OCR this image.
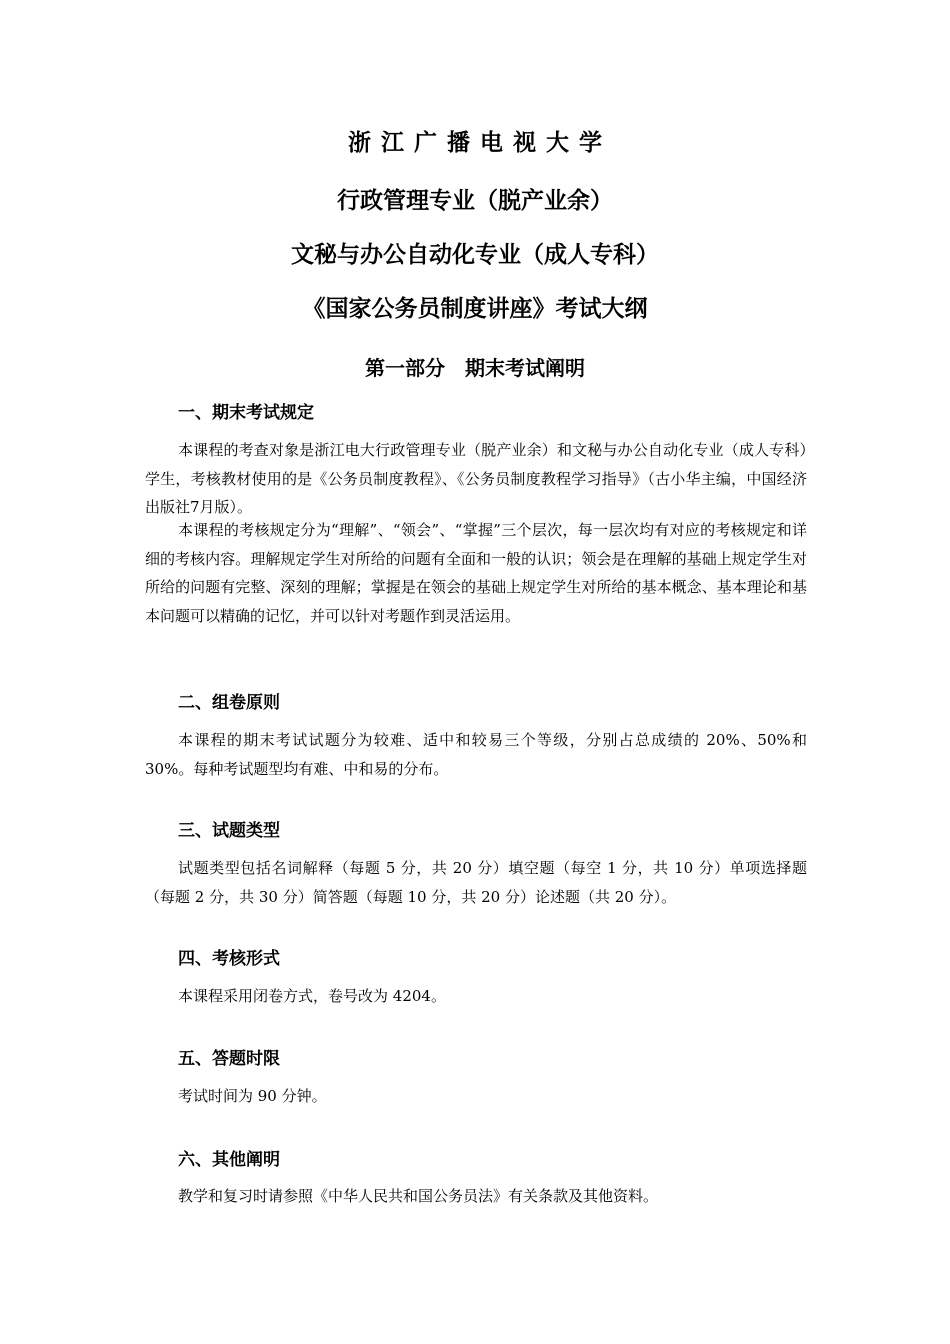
浙 江 广 播 电 视 大 学
行政管理专业（脱产业余）
文秘与办公自动化专业（成人专科）
《国家公务员制度讲座》考试大纲
第一部分　期末考试阐明
一、期末考试规定

本课程的考查对象是浙江电大行政管理专业（脱产业余）和文秘与办公自动化专业（成人专科）学生，考核教材使用的是《公务员制度教程》、《公务员制度教程学习指导》（古小华主编，中国经济出版社7月版）。

本课程的考核规定分为“理解”、“领会”、“掌握”三个层次，每一层次均有对应的考核规定和详细的考核内容。理解规定学生对所给的问题有全面和一般的认识；领会是在理解的基础上规定学生对所给的问题有完整、深刻的理解；掌握是在领会的基础上规定学生对所给的基本概念、基本理论和基本问题可以精确的记忆，并可以针对考题作到灵活运用。

二、组卷原则

本课程的期末考试试题分为较难、适中和较易三个等级，分别占总成绩的 20%、50%和 30%。每种考试题型均有难、中和易的分布。

三、试题类型

试题类型包括名词解释（每题 5 分，共 20 分）填空题（每空 1 分，共 10 分）单项选择题（每题 2 分，共 30 分）简答题（每题 10 分，共 20 分）论述题（共 20 分）。

四、考核形式

本课程采用闭卷方式，卷号改为 4204。

五、答题时限

考试时间为 90 分钟。

六、其他阐明

教学和复习时请参照《中华人民共和国公务员法》有关条款及其他资料。
